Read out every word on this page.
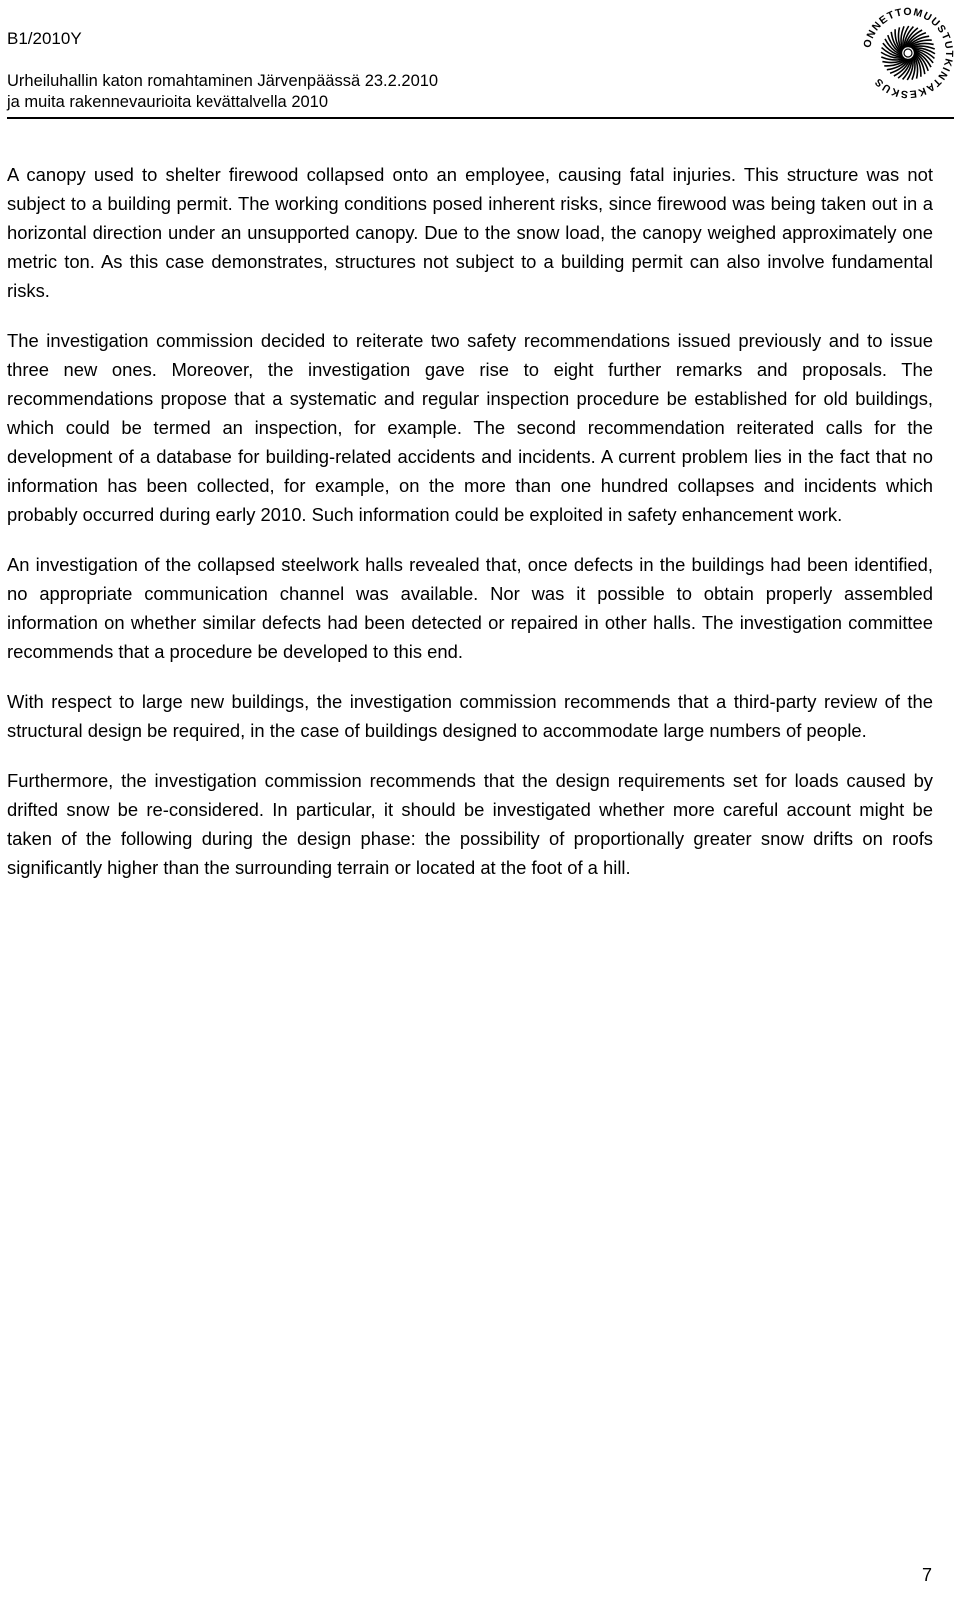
B1/2010Y
Urheiluhallin katon romahtaminen Järvenpäässä 23.2.2010
ja muita rakennevaurioita kevättalvella 2010
ONNETTOMUUSTUTKINTAKESKUS

A canopy used to shelter firewood collapsed onto an employee, causing fatal injuries. This structure was not subject to a building permit. The working conditions posed inherent risks, since firewood was being taken out in a horizontal direction under an unsupported canopy. Due to the snow load, the canopy weighed approximately one metric ton. As this case demonstrates, structures not subject to a building permit can also involve fundamental risks.

The investigation commission decided to reiterate two safety recommendations issued previously and to issue three new ones. Moreover, the investigation gave rise to eight further remarks and proposals. The recommendations propose that a systematic and regular inspection procedure be established for old buildings, which could be termed an inspection, for example. The second recommendation reiterated calls for the development of a database for building-related accidents and incidents. A current problem lies in the fact that no information has been collected, for example, on the more than one hundred collapses and incidents which probably occurred during early 2010. Such information could be exploited in safety enhancement work.

An investigation of the collapsed steelwork halls revealed that, once defects in the buildings had been identified, no appropriate communication channel was available. Nor was it possible to obtain properly assembled information on whether similar defects had been detected or repaired in other halls. The investigation committee recommends that a procedure be developed to this end.

With respect to large new buildings, the investigation commission recommends that a third-party review of the structural design be required, in the case of buildings designed to accommodate large numbers of people.

Furthermore, the investigation commission recommends that the design requirements set for loads caused by drifted snow be re-considered. In particular, it should be investigated whether more careful account might be taken of the following during the design phase: the possibility of proportionally greater snow drifts on roofs significantly higher than the surrounding terrain or located at the foot of a hill.

7
